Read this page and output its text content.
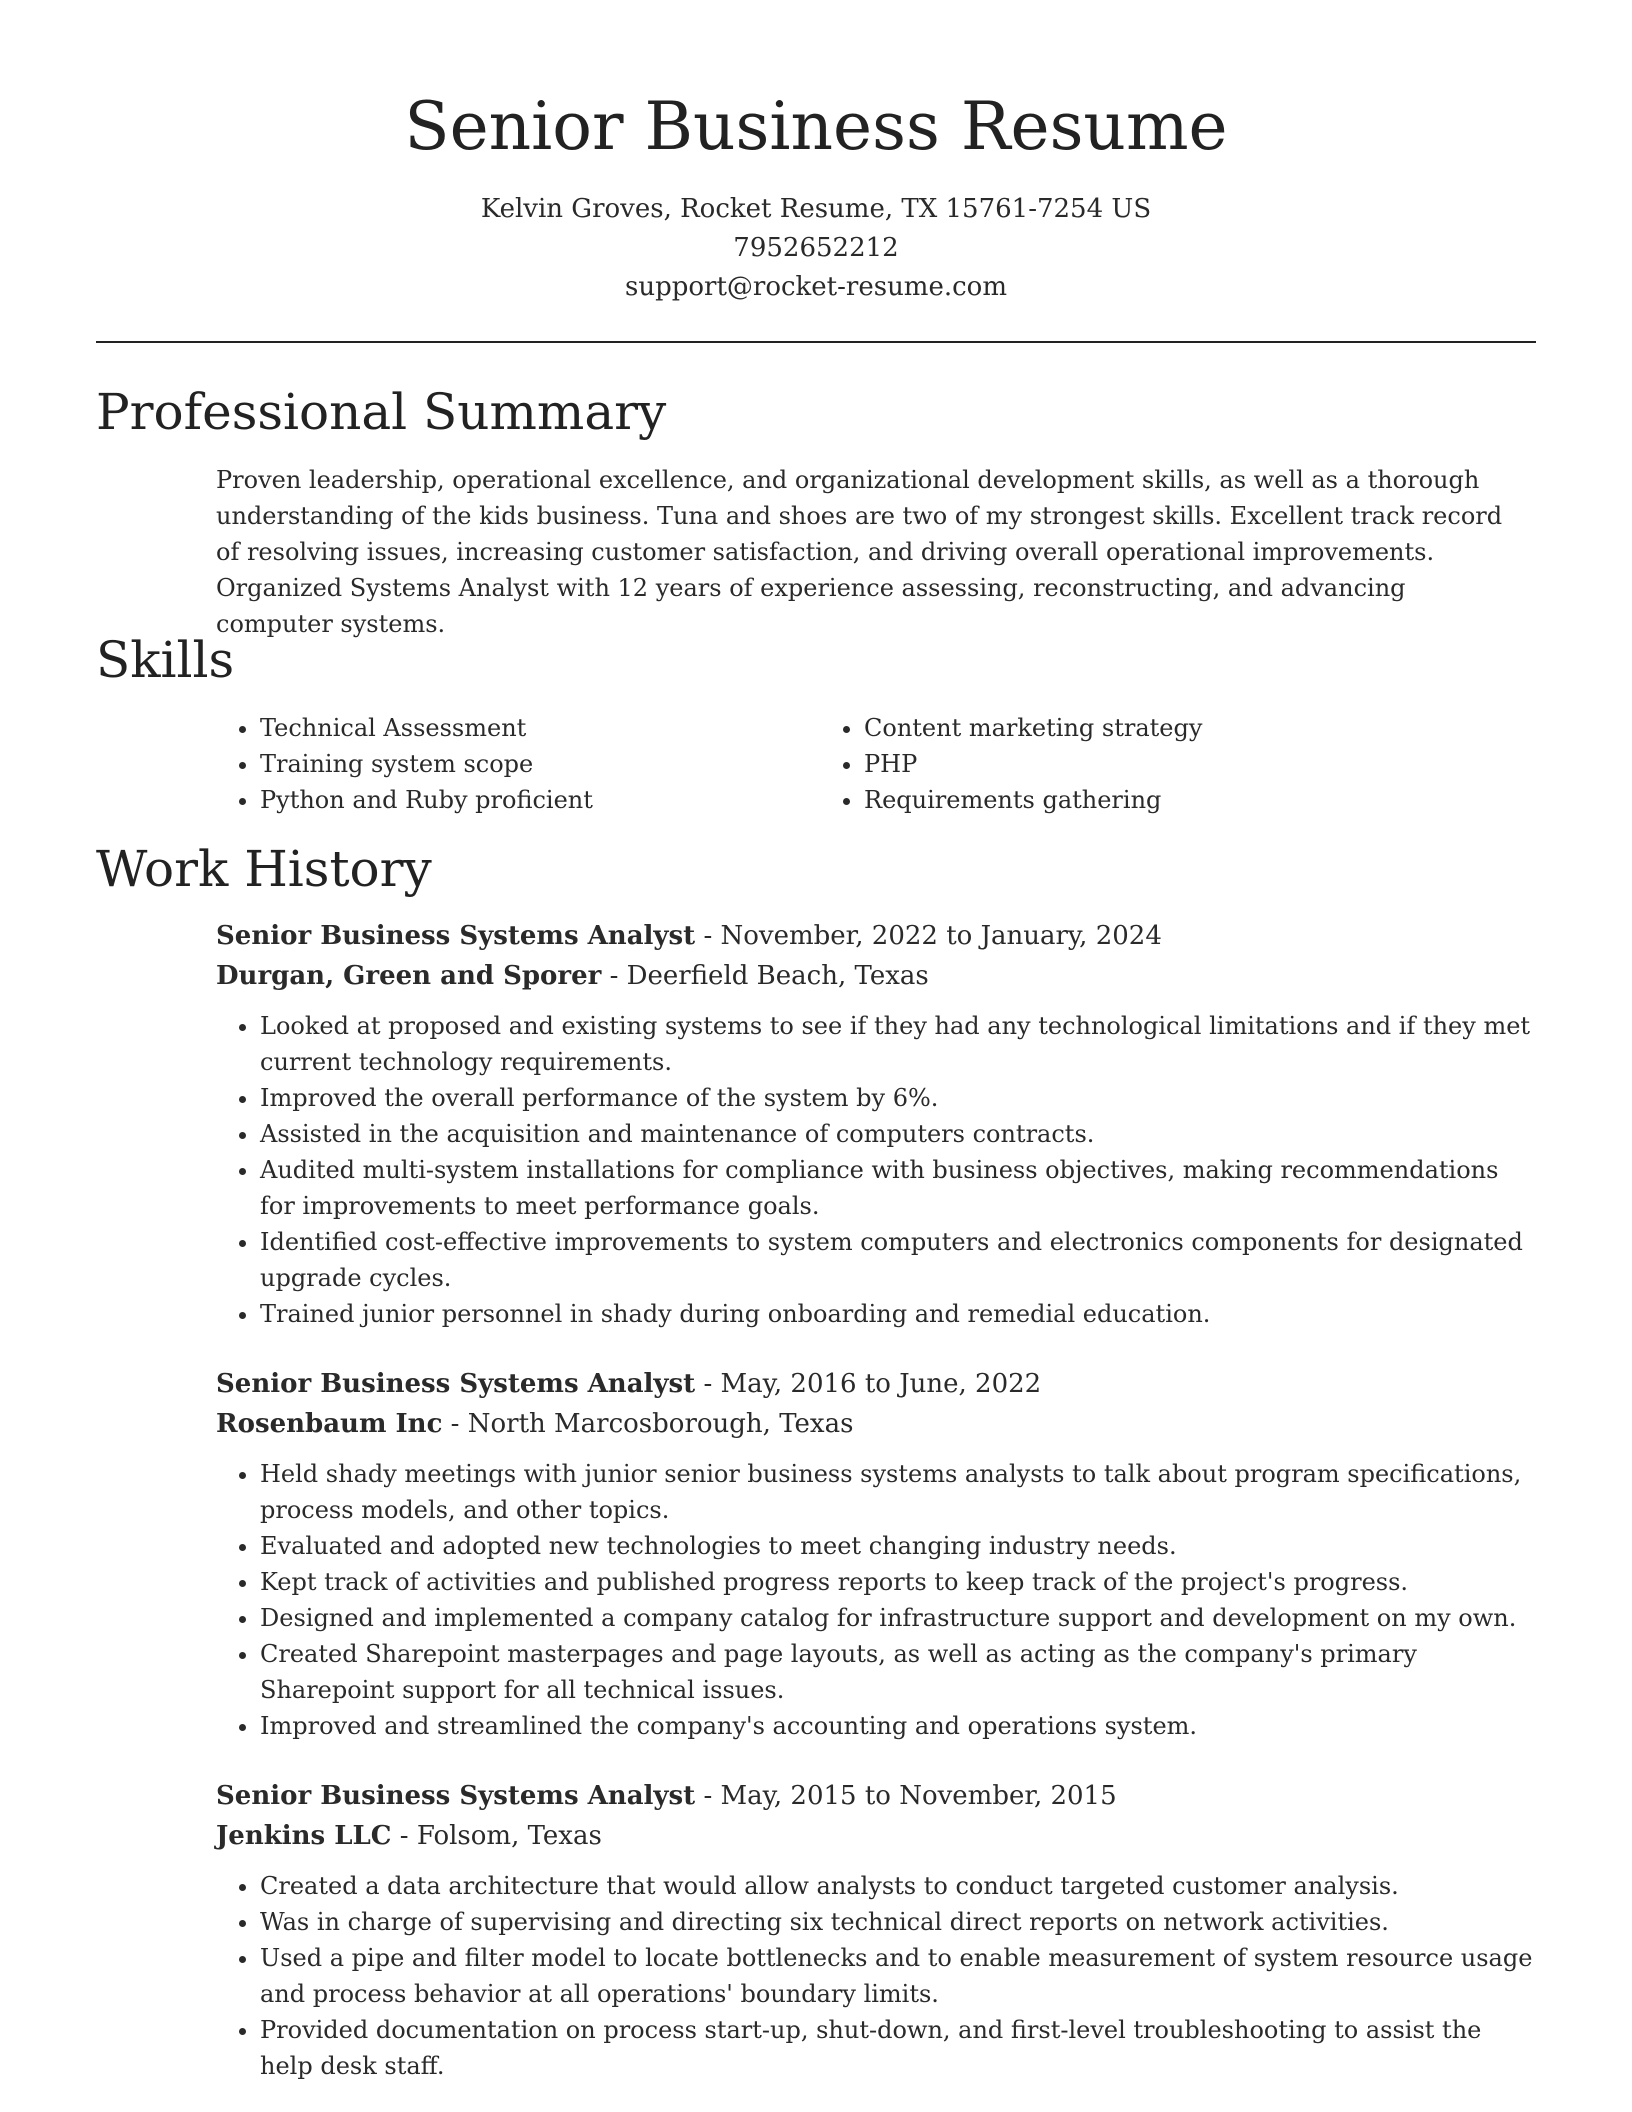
Senior Business Resume
Kelvin Groves, Rocket Resume, TX 15761-7254 US
7952652212
support@rocket-resume.com
Professional Summary

Proven leadership, operational excellence, and organizational development skills, as well as a thorough understanding of the kids business. Tuna and shoes are two of my strongest skills. Excellent track record of resolving issues, increasing customer satisfaction, and driving overall operational improvements. Organized Systems Analyst with 12 years of experience assessing, reconstructing, and advancing computer systems.

Skills
• Technical Assessment
• Training system scope
• Python and Ruby proficient
• Content marketing strategy
• PHP
• Requirements gathering
Work History

Senior Business Systems Analyst - November, 2022 to January, 2024

Durgan, Green and Sporer - Deerfield Beach, Texas

• Looked at proposed and existing systems to see if they had any technological limitations and if they met current technology requirements.
• Improved the overall performance of the system by 6%.
• Assisted in the acquisition and maintenance of computers contracts.
• Audited multi-system installations for compliance with business objectives, making recommendations for improvements to meet performance goals.
• Identified cost-effective improvements to system computers and electronics components for designated upgrade cycles.
• Trained junior personnel in shady during onboarding and remedial education.

Senior Business Systems Analyst - May, 2016 to June, 2022

Rosenbaum Inc - North Marcosborough, Texas

• Held shady meetings with junior senior business systems analysts to talk about program specifications, process models, and other topics.
• Evaluated and adopted new technologies to meet changing industry needs.
• Kept track of activities and published progress reports to keep track of the project's progress.
• Designed and implemented a company catalog for infrastructure support and development on my own.
• Created Sharepoint masterpages and page layouts, as well as acting as the company's primary Sharepoint support for all technical issues.
• Improved and streamlined the company's accounting and operations system.

Senior Business Systems Analyst - May, 2015 to November, 2015

Jenkins LLC - Folsom, Texas

• Created a data architecture that would allow analysts to conduct targeted customer analysis.
• Was in charge of supervising and directing six technical direct reports on network activities.
• Used a pipe and filter model to locate bottlenecks and to enable measurement of system resource usage and process behavior at all operations' boundary limits.
• Provided documentation on process start-up, shut-down, and first-level troubleshooting to assist the help desk staff.
